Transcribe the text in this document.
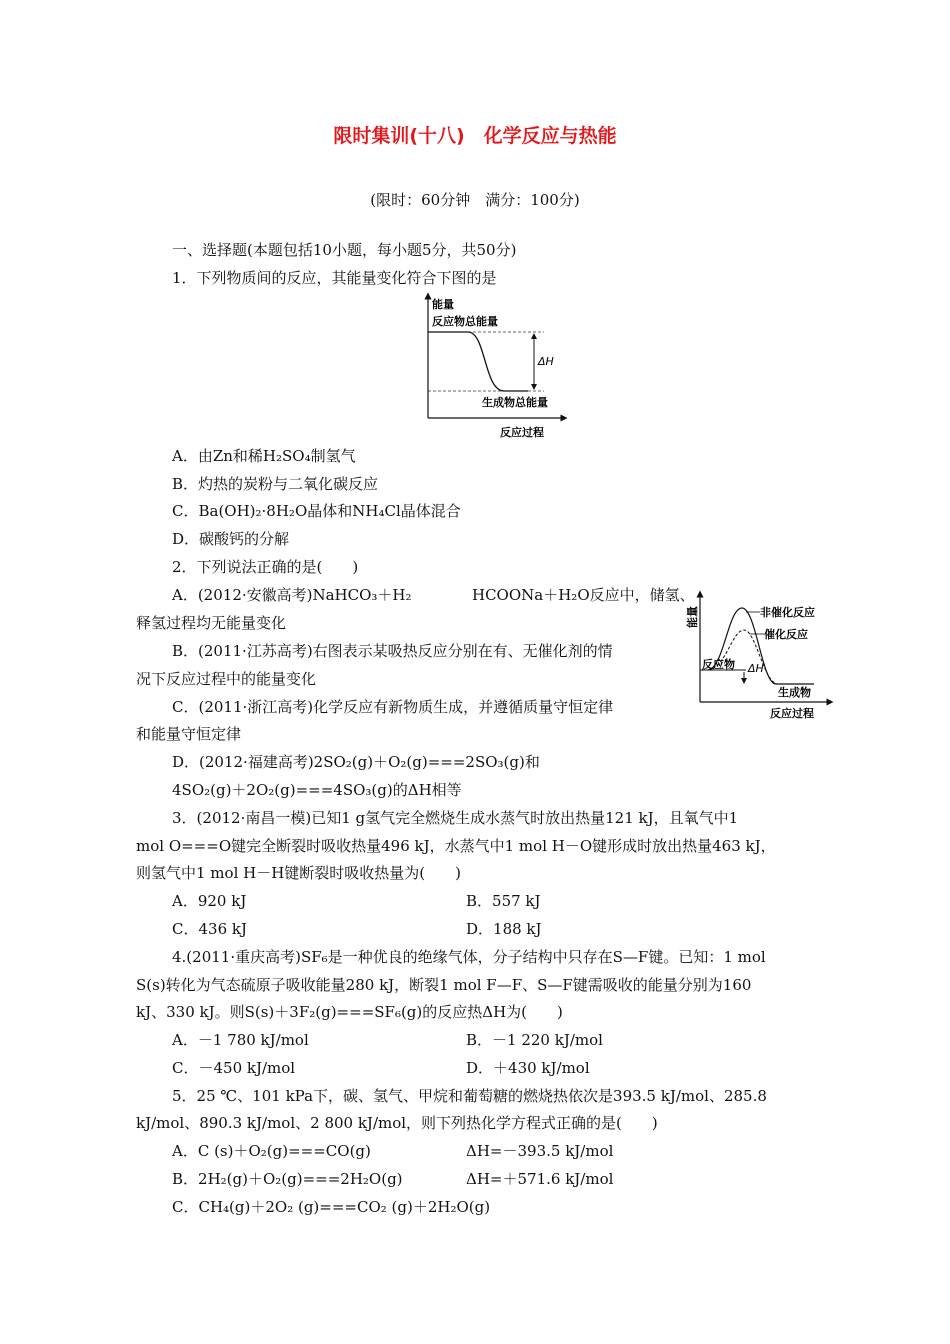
限时集训(十八)　化学反应与热能
(限时：60分钟　满分：100分)
一、选择题(本题包括10小题，每小题5分，共50分)
1．下列物质间的反应，其能量变化符合下图的是
能量
反应物总能量
ΔH
生成物总能量
反应过程
A．由Zn和稀H₂SO₄制氢气
B．灼热的炭粉与二氧化碳反应
C．Ba(OH)₂·8H₂O晶体和NH₄Cl晶体混合
D．碳酸钙的分解
2．下列说法正确的是(　　)
A．(2012·安徽高考)NaHCO₃＋H₂	HCOONa＋H₂O反应中，储氢、
释氢过程均无能量变化
B．(2011·江苏高考)右图表示某吸热反应分别在有、无催化剂的情
况下反应过程中的能量变化
C．(2011·浙江高考)化学反应有新物质生成，并遵循质量守恒定律
和能量守恒定律
D．(2012·福建高考)2SO₂(g)＋O₂(g)===2SO₃(g)和
4SO₂(g)＋2O₂(g)===4SO₃(g)的ΔH相等
能量	非催化反应
催化反应
反应物 ΔH
生成物
反应过程
3．(2012·南昌一模)已知1 g氢气完全燃烧生成水蒸气时放出热量121 kJ，且氧气中1
mol O===O键完全断裂时吸收热量496 kJ，水蒸气中1 mol H－O键形成时放出热量463 kJ，
则氢气中1 mol H－H键断裂时吸收热量为(　　)
A．920 kJ	B．557 kJ
C．436 kJ	D．188 kJ
4.(2011·重庆高考)SF₆是一种优良的绝缘气体，分子结构中只存在S—F键。已知：1 mol
S(s)转化为气态硫原子吸收能量280 kJ，断裂1 mol F—F、S—F键需吸收的能量分别为160
kJ、330 kJ。则S(s)＋3F₂(g)===SF₆(g)的反应热ΔH为(　　)
A．－1 780 kJ/mol	B．－1 220 kJ/mol
C．－450 kJ/mol	D．＋430 kJ/mol
5．25 ℃、101 kPa下，碳、氢气、甲烷和葡萄糖的燃烧热依次是393.5 kJ/mol、285.8
kJ/mol、890.3 kJ/mol、2 800 kJ/mol，则下列热化学方程式正确的是(　　)
A．C (s)＋O₂(g)===CO(g)	ΔH=－393.5 kJ/mol
B．2H₂(g)＋O₂(g)===2H₂O(g)	ΔH=＋571.6 kJ/mol
C．CH₄(g)＋2O₂ (g)===CO₂ (g)＋2H₂O(g)
